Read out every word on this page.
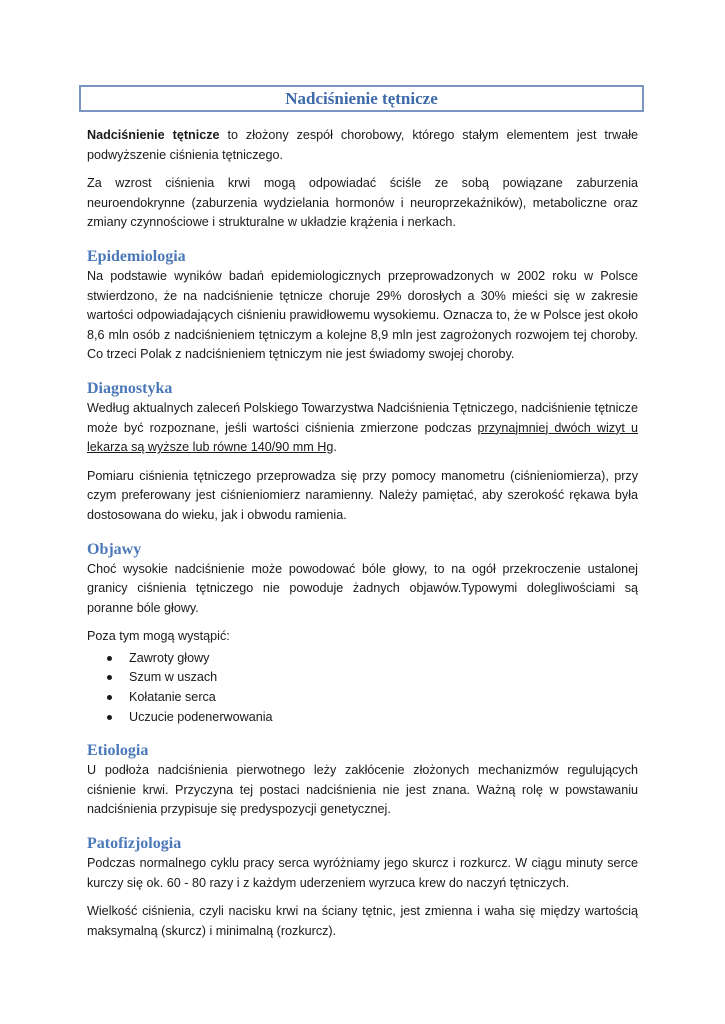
Nadciśnienie tętnicze

Nadciśnienie tętnicze to złożony zespół chorobowy, którego stałym elementem jest trwałe podwyższenie ciśnienia tętniczego.

Za wzrost ciśnienia krwi mogą odpowiadać ściśle ze sobą powiązane zaburzenia neuroendokrynne (zaburzenia wydzielania hormonów i neuroprzekaźników), metaboliczne oraz zmiany czynnościowe i strukturalne w układzie krążenia i nerkach.

Epidemiologia

Na podstawie wyników badań epidemiologicznych przeprowadzonych w 2002 roku w Polsce stwierdzono, że na nadciśnienie tętnicze choruje 29% dorosłych a 30% mieści się w zakresie wartości odpowiadających ciśnieniu prawidłowemu wysokiemu. Oznacza to, że w Polsce jest około 8,6 mln osób z nadciśnieniem tętniczym a kolejne 8,9 mln jest zagrożonych rozwojem tej choroby. Co trzeci Polak z nadciśnieniem tętniczym nie jest świadomy swojej choroby.

Diagnostyka

Według aktualnych zaleceń Polskiego Towarzystwa Nadciśnienia Tętniczego, nadciśnienie tętnicze może być rozpoznane, jeśli wartości ciśnienia zmierzone podczas przynajmniej dwóch wizyt u lekarza są wyższe lub równe 140/90 mm Hg.

Pomiaru ciśnienia tętniczego przeprowadza się przy pomocy manometru (ciśnieniomierza), przy czym preferowany jest ciśnieniomierz naramienny. Należy pamiętać, aby szerokość rękawa była dostosowana do wieku, jak i obwodu ramienia.

Objawy

Choć wysokie nadciśnienie może powodować bóle głowy, to na ogół przekroczenie ustalonej granicy ciśnienia tętniczego nie powoduje żadnych objawów.Typowymi dolegliwościami są poranne bóle głowy.

Poza tym mogą wystąpić:

Zawroty głowy
Szum w uszach
Kołatanie serca
Uczucie podenerwowania
Etiologia

U podłoża nadciśnienia pierwotnego leży zakłócenie złożonych mechanizmów regulujących ciśnienie krwi. Przyczyna tej postaci nadciśnienia nie jest znana. Ważną rolę w powstawaniu nadciśnienia przypisuje się predyspozycji genetycznej.

Patofizjologia

Podczas normalnego cyklu pracy serca wyróżniamy jego skurcz i rozkurcz. W ciągu minuty serce kurczy się ok. 60 - 80 razy i z każdym uderzeniem wyrzuca krew do naczyń tętniczych.

Wielkość ciśnienia, czyli nacisku krwi na ściany tętnic, jest zmienna i waha się między wartością maksymalną (skurcz) i minimalną (rozkurcz).
